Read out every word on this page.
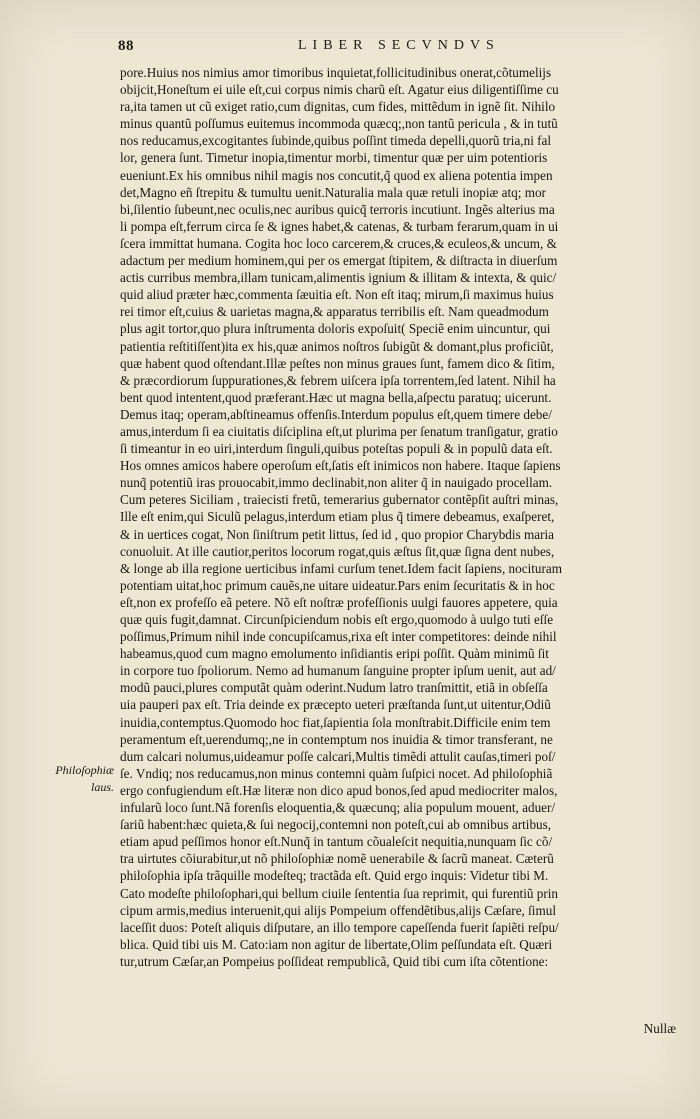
88	LIBER SECVNDVS
Philoſophiæ
laus.
pore.Huius nos nimius amor timoribus inquietat,follicitudinibus onerat,cõtumelijs
obijcit,Honeſtum ei uile eſt,cui corpus nimis charũ eſt. Agatur eius diligentiſſime cu
ra,ita tamen ut cũ exiget ratio,cum dignitas, cum fides, mittẽdum in ignẽ ſit. Nihilo
minus quantũ poſſumus euitemus incommoda quæcq;,non tantũ pericula , & in tutũ
nos reducamus,excogitantes ſubinde,quibus poſſint timeda depelli,quorũ tria,ni fal
lor, genera ſunt. Timetur inopia,timentur morbi, timentur quæ per uim potentioris
eueniunt.Ex his omnibus nihil magis nos concutit,q̃ quod ex aliena potentia impen
det,Magno eñ ſtrepitu & tumultu uenit.Naturalia mala quæ retuli inopiæ atq; mor
bi,ſilentio ſubeunt,nec oculis,nec auribus quicq̃ terroris incutiunt. Ingẽs alterius ma
li pompa eſt,ferrum circa ſe & ignes habet,& catenas, & turbam ferarum,quam in ui
ſcera immittat humana. Cogita hoc loco carcerem,& cruces,& eculeos,& uncum, &
adactum per medium hominem,qui per os emergat ſtipitem, & diſtracta in diuerſum
actis curribus membra,illam tunicam,alimentis ignium & illitam & intexta, & quic/
quid aliud præter hæc,commenta ſæuitia eſt. Non eſt itaq; mirum,ſi maximus huius
rei timor eſt,cuius & uarietas magna,& apparatus terribilis eſt. Nam queadmodum
plus agit tortor,quo plura inſtrumenta doloris expoſuit( Speciẽ enim uincuntur, qui
patientia reſtitiſſent)ita ex his,quæ animos noſtros ſubigũt & domant,plus proficiũt,
quæ habent quod oſtendant.Illæ peſtes non minus graues ſunt, famem dico & ſitim,
& præcordiorum ſuppurationes,& febrem uiſcera ipſa torrentem,ſed latent. Nihil ha
bent quod intentent,quod præferant.Hæc ut magna bella,aſpectu paratuq; uicerunt.
Demus itaq; operam,abſtineamus offenſis.Interdum populus eſt,quem timere debe/
amus,interdum ſi ea ciuitatis diſciplina eſt,ut plurima per ſenatum tranſigatur, gratio
ſi timeantur in eo uiri,interdum ſinguli,quibus poteſtas populi & in populũ data eſt.
Hos omnes amicos habere operoſum eſt,ſatis eſt inimicos non habere. Itaque ſapiens
nunq̃ potentiũ iras prouocabit,immo declinabit,non aliter q̃ in nauigado procellam.
Cum peteres Siciliam , traiecisti fretũ, temerarius gubernator contẽpſit auſtri minas,
Ille eſt enim,qui Siculũ pelagus,interdum etiam plus q̃ timere debeamus, exaſperet,
& in uertices cogat, Non ſiniſtrum petit littus, ſed id , quo propior Charybdis maria
conuoluit. At ille cautior,peritos locorum rogat,quis æſtus ſit,quæ ſigna dent nubes,
& longe ab illa regione uerticibus infami curſum tenet.Idem facit ſapiens, nocituram
potentiam uitat,hoc primum cauẽs,ne uitare uideatur.Pars enim ſecuritatis & in hoc
eſt,non ex profeſſo eã petere. Nõ eſt noſtræ profeſſionis uulgi fauores appetere, quia
quæ quis fugit,damnat. Circunſpiciendum nobis eſt ergo,quomodo à uulgo tuti eſſe
poſſimus,Primum nihil inde concupiſcamus,rixa eſt inter competitores: deinde nihil
habeamus,quod cum magno emolumento inſidiantis eripi poſſit. Quàm minimũ ſit
in corpore tuo ſpoliorum. Nemo ad humanum ſanguine propter ipſum uenit, aut ad/
modũ pauci,plures computãt quàm oderint.Nudum latro tranſmittit, etiã in obſeſſa
uia pauperi pax eſt. Tria deinde ex præcepto ueteri præſtanda ſunt,ut uitentur,Odiũ
inuidia,contemptus.Quomodo hoc fiat,ſapientia ſola monſtrabit.Difficile enim tem
peramentum eſt,uerendumq;,ne in contemptum nos inuidia & timor transferant, ne
dum calcari nolumus,uideamur poſſe calcari,Multis timẽdi attulit cauſas,timeri poſ/
ſe. Vndiq; nos reducamus,non minus contemni quàm ſuſpici nocet. Ad philoſophiã
ergo confugiendum eſt.Hæ literæ non dico apud bonos,ſed apud mediocriter malos,
infularũ loco ſunt.Nã forenſis eloquentia,& quæcunq; alia populum mouent, aduer/
ſariũ habent:hæc quieta,& ſui negocij,contemni non poteſt,cui ab omnibus artibus,
etiam apud peſſimos honor eſt.Nunq̃ in tantum cõualeſcit nequitia,nunquam ſic cõ/
tra uirtutes cõiurabitur,ut nõ philoſophiæ nomẽ uenerabile & ſacrũ maneat. Cæterũ
philoſophia ipſa trãquille modeſteq; tractãda eſt. Quid ergo inquis: Videtur tibi M.
Cato modeſte philoſophari,qui bellum ciuile ſententia ſua reprimit, qui furentiũ prin
cipum armis,medius interuenit,qui alijs Pompeium offendẽtibus,alijs Cæſare, ſimul
laceſſit duos: Poteſt aliquis diſputare, an illo tempore capeſſenda fuerit ſapiẽti reſpu/
blica. Quid tibi uis M. Cato:iam non agitur de libertate,Olim peſſundata eſt. Quæri
tur,utrum Cæſar,an Pompeius poſſideat rempublicã, Quid tibi cum iſta cõtentione:
Nullæ
